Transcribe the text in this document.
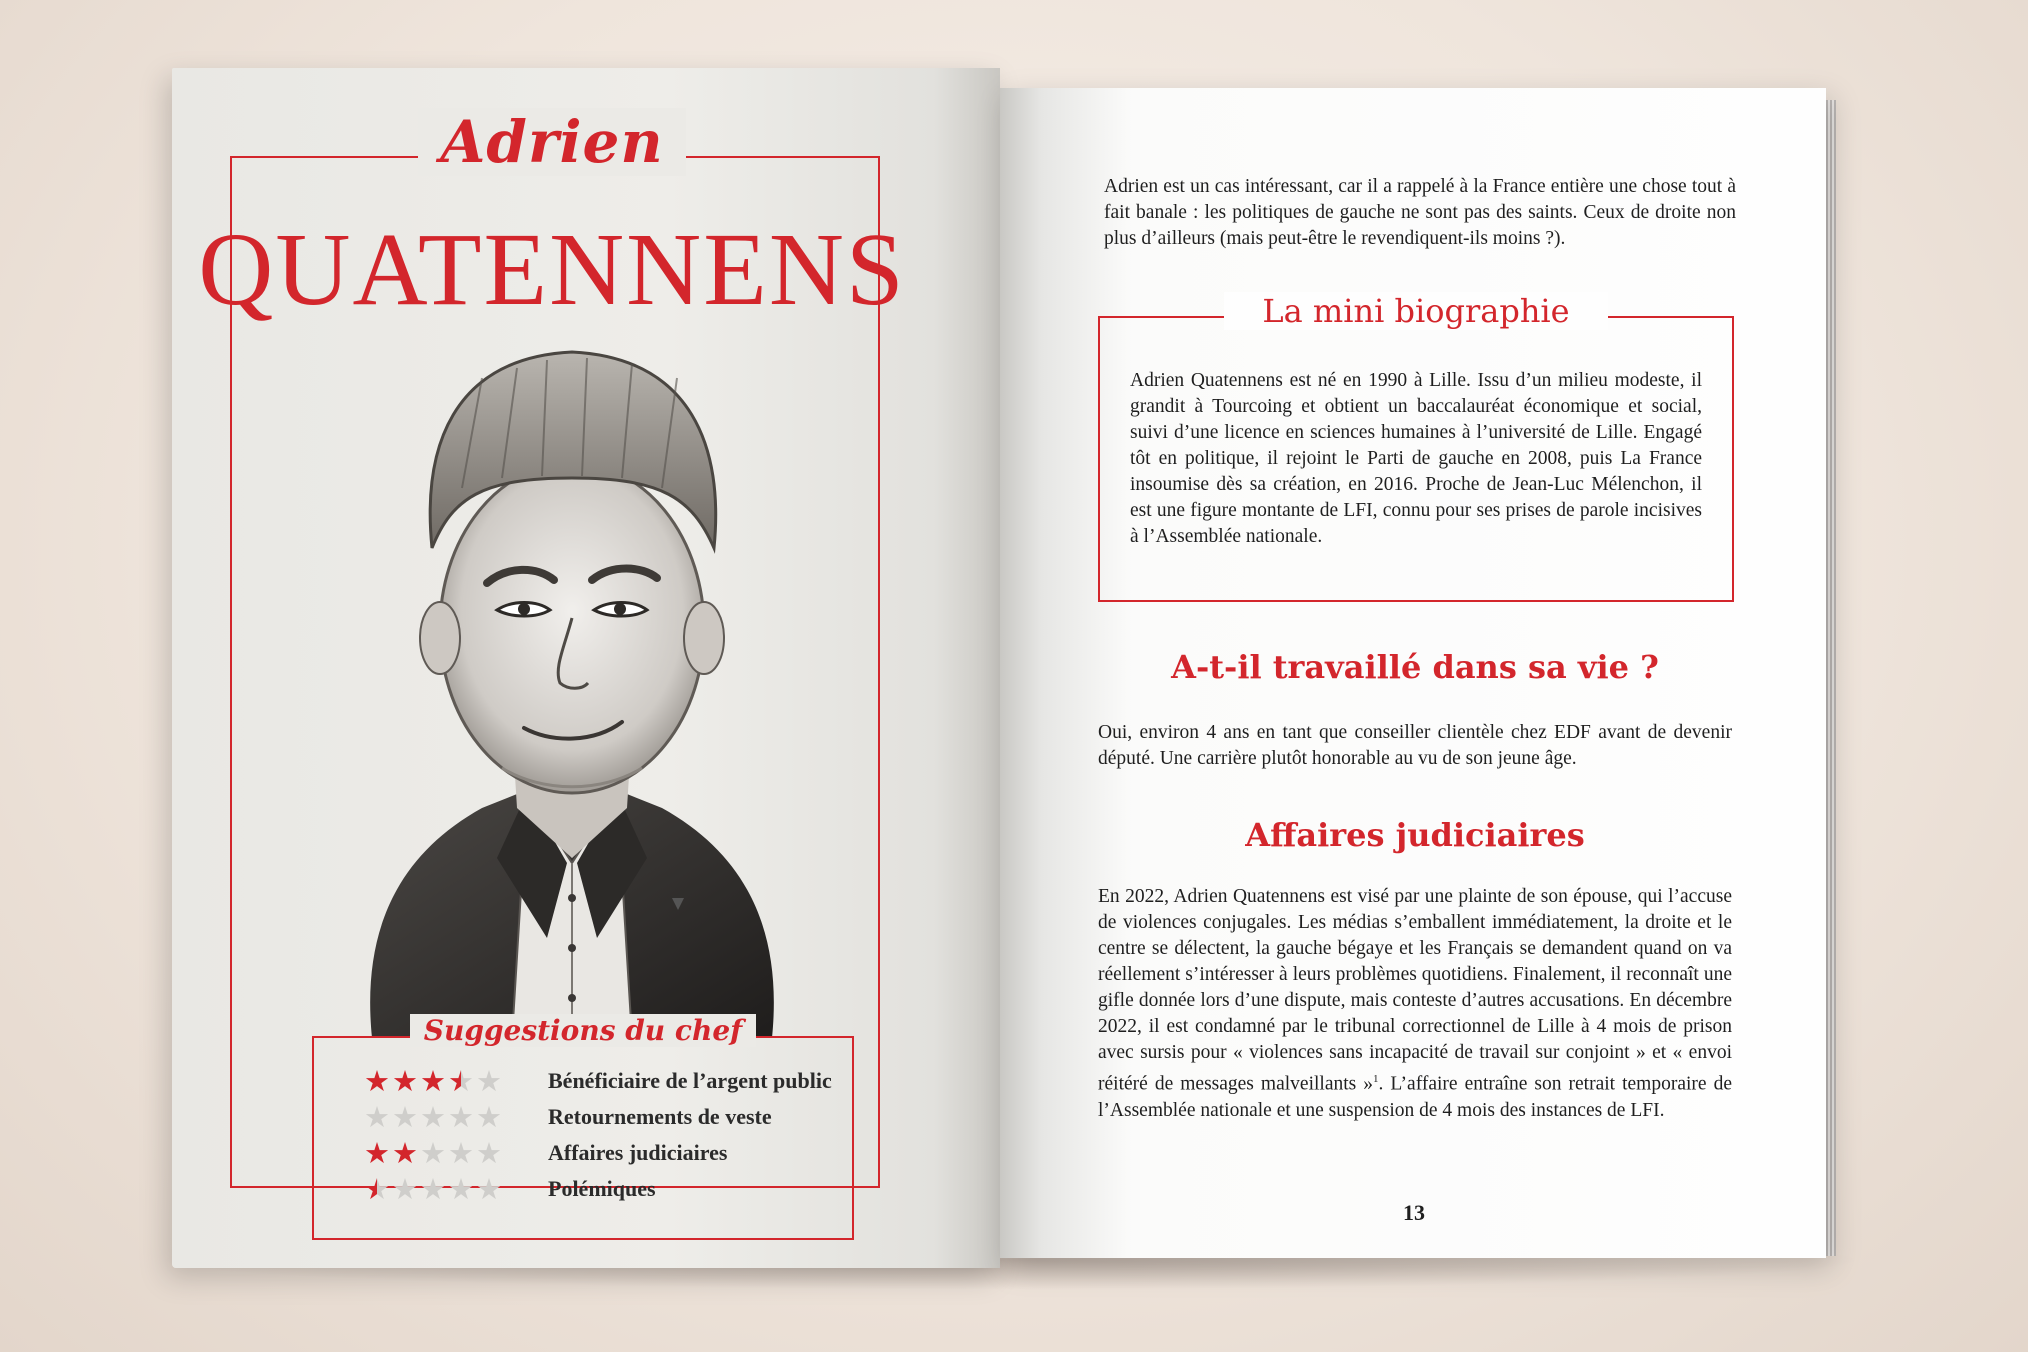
Adrien
QUATENNENS
Suggestions du chef
★ ★ ★ ★ ★ Bénéficiaire de l’argent public
★ ★ ★ ★ ★ Retournements de veste
★ ★ ★ ★ ★ Affaires judiciaires
★ ★ ★ ★ ★ Polémiques
Adrien est un cas intéressant, car il a rappelé à la France entière une chose tout à fait banale : les politiques de gauche ne sont pas des saints. Ceux de droite non plus d’ailleurs (mais peut-être le revendiquent-ils moins ?).
La mini biographie
Adrien Quatennens est né en 1990 à Lille. Issu d’un milieu modeste, il grandit à Tourcoing et obtient un baccalauréat économique et social, suivi d’une licence en sciences humaines à l’université de Lille. Engagé tôt en politique, il rejoint le Parti de gauche en 2008, puis La France insoumise dès sa création, en 2016. Proche de Jean-Luc Mélenchon, il est une figure montante de LFI, connu pour ses prises de parole incisives à l’Assemblée nationale.
A-t-il travaillé dans sa vie ?
Oui, environ 4 ans en tant que conseiller clientèle chez EDF avant de devenir député. Une carrière plutôt honorable au vu de son jeune âge.
Affaires judiciaires
En 2022, Adrien Quatennens est visé par une plainte de son épouse, qui l’accuse de violences conjugales. Les médias s’emballent immédiatement, la droite et le centre se délectent, la gauche bégaye et les Français se demandent quand on va réellement s’intéresser à leurs problèmes quotidiens. Finalement, il reconnaît une gifle donnée lors d’une dispute, mais conteste d’autres accusations. En décembre 2022, il est condamné par le tribunal correctionnel de Lille à 4 mois de prison avec sursis pour « violences sans incapacité de travail sur conjoint » et « envoi réitéré de messages malveillants »$^1$. L’affaire entraîne son retrait temporaire de l’Assemblée nationale et une suspension de 4 mois des instances de LFI.
13
